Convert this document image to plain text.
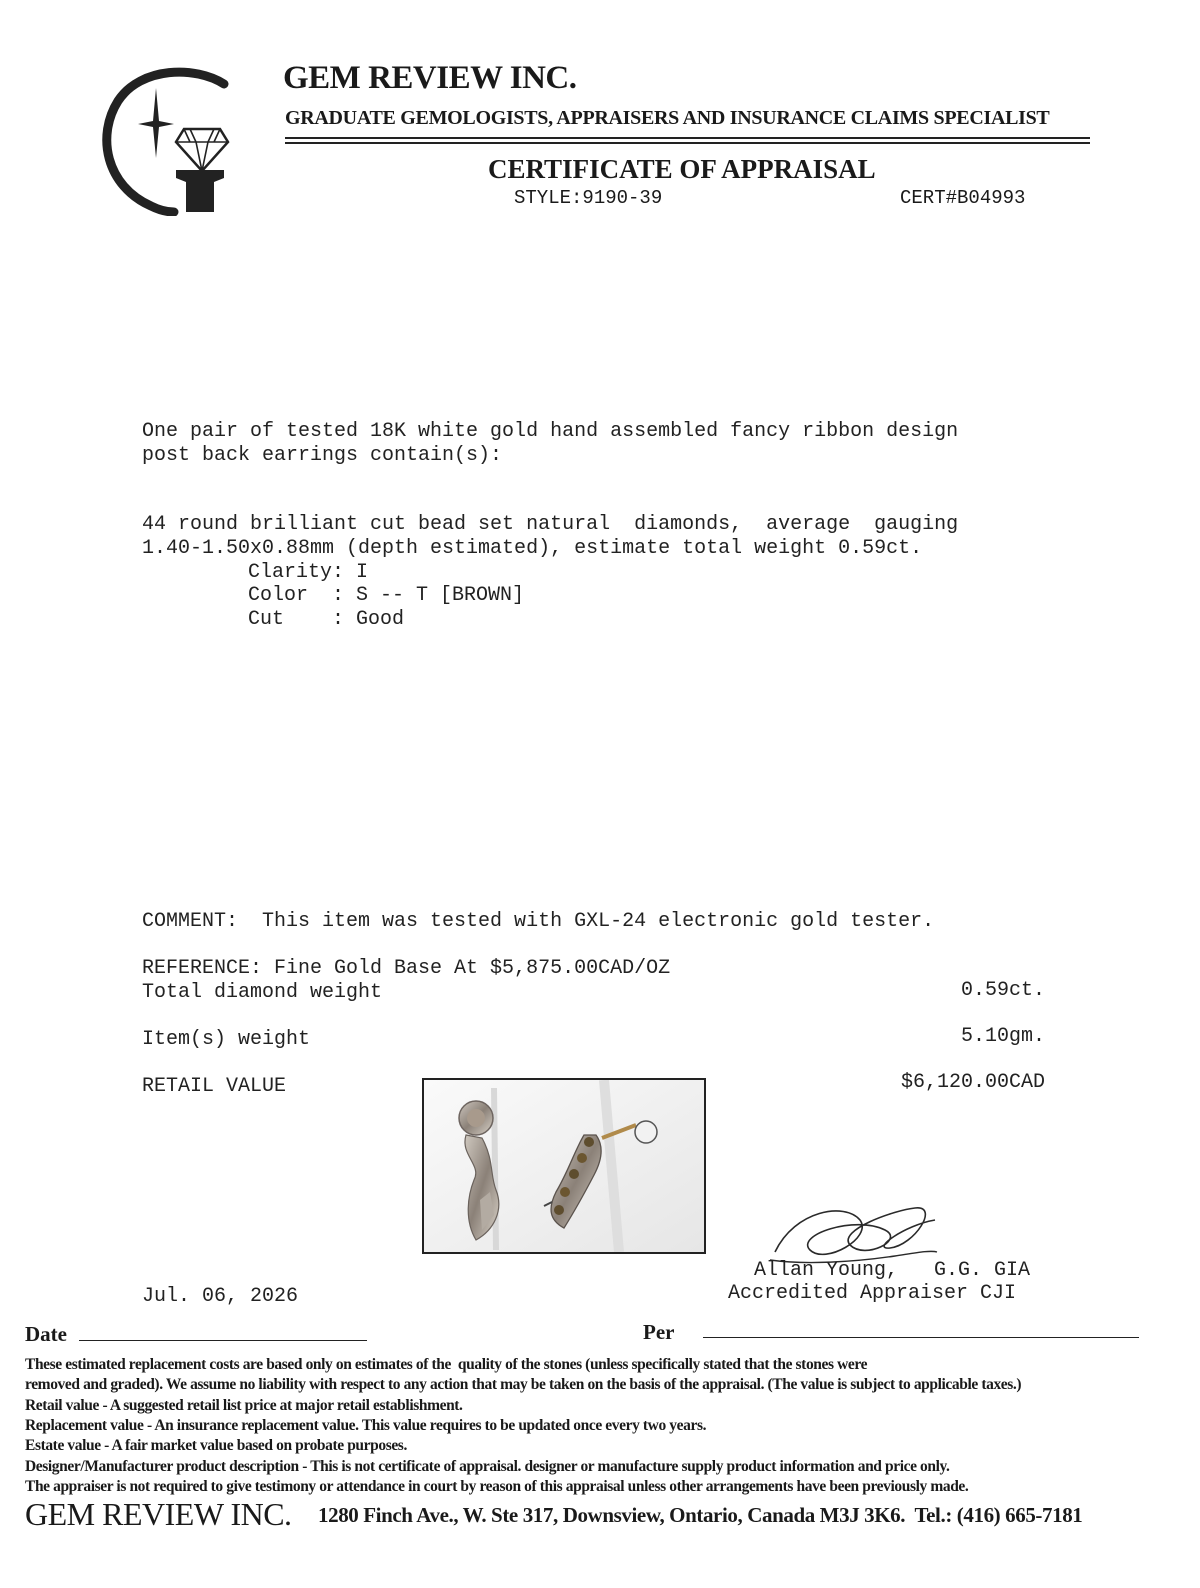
GEM REVIEW INC.
GRADUATE GEMOLOGISTS, APPRAISERS AND INSURANCE CLAIMS SPECIALIST
CERTIFICATE OF APPRAISAL
STYLE:9190-39	CERT#B04993
One pair of tested 18K white gold hand assembled fancy ribbon design
post back earrings contain(s):
44 round brilliant cut bead set natural  diamonds,  average  gauging
1.40-1.50x0.88mm (depth estimated), estimate total weight 0.59ct.
Clarity: I
Color  : S -- T [BROWN]
Cut    : Good
COMMENT:  This item was tested with GXL-24 electronic gold tester.
REFERENCE: Fine Gold Base At $5,875.00CAD/OZ
Total diamond weight	0.59ct.
Item(s) weight	5.10gm.
RETAIL VALUE	$6,120.00CAD
Allan Young,   G.G. GIA
Accredited Appraiser CJI
Jul. 06, 2026
Date	Per
These estimated replacement costs are based only on estimates of the  quality of the stones (unless specifically stated that the stones were
removed and graded). We assume no liability with respect to any action that may be taken on the basis of the appraisal. (The value is subject to applicable taxes.)
Retail value - A suggested retail list price at major retail establishment.
Replacement value - An insurance replacement value. This value requires to be updated once every two years.
Estate value - A fair market value based on probate purposes.
Designer/Manufacturer product description - This is not certificate of appraisal. designer or manufacture supply product information and price only.
The appraiser is not required to give testimony or attendance in court by reason of this appraisal unless other arrangements have been previously made.
GEM REVIEW INC. 1280 Finch Ave., W. Ste 317, Downsview, Ontario, Canada M3J 3K6.  Tel.: (416) 665-7181
